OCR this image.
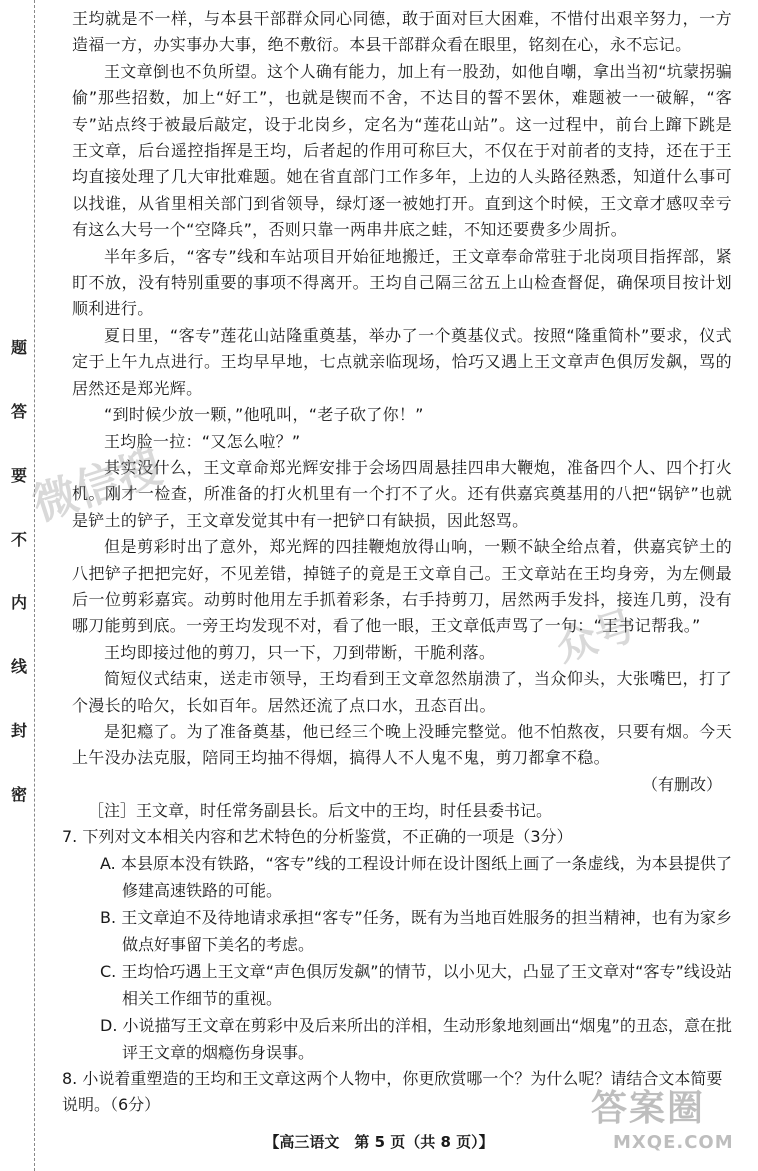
题
答
要
不
内
线
封
密

王均就是不一样，与本县干部群众同心同德，敢于面对巨大困难，不惜付出艰辛努力，一方造福一方，办实事办大事，绝不敷衍。本县干部群众看在眼里，铭刻在心，永不忘记。

王文章倒也不负所望。这个人确有能力，加上有一股劲，如他自嘲，拿出当初“坑蒙拐骗偷”那些招数，加上“好工”，也就是锲而不舍，不达目的誓不罢休，难题被一一破解，“客专”站点终于被最后敲定，设于北岗乡，定名为“莲花山站”。这一过程中，前台上蹿下跳是王文章，后台遥控指挥是王均，后者起的作用可称巨大，不仅在于对前者的支持，还在于王均直接处理了几大审批难题。她在省直部门工作多年，上边的人头路径熟悉，知道什么事可以找谁，从省里相关部门到省领导，绿灯逐一被她打开。直到这个时候，王文章才感叹幸亏有这么大号一个“空降兵”，否则只靠一两串井底之蛙，不知还要费多少周折。

半年多后，“客专”线和车站项目开始征地搬迁，王文章奉命常驻于北岗项目指挥部，紧盯不放，没有特别重要的事项不得离开。王均自己隔三岔五上山检查督促，确保项目按计划顺利进行。

夏日里，“客专”莲花山站隆重奠基，举办了一个奠基仪式。按照“隆重简朴”要求，仪式定于上午九点进行。王均早早地，七点就亲临现场，恰巧又遇上王文章声色俱厉发飙，骂的居然还是郑光辉。

“到时候少放一颗，”他吼叫，“老子砍了你！”

王均脸一拉：“又怎么啦？”

其实没什么，王文章命郑光辉安排于会场四周悬挂四串大鞭炮，准备四个人、四个打火机。刚才一检查，所准备的打火机里有一个打不了火。还有供嘉宾奠基用的八把“锅铲”也就是铲土的铲子，王文章发觉其中有一把铲口有缺损，因此怒骂。

但是剪彩时出了意外，郑光辉的四挂鞭炮放得山响，一颗不缺全给点着，供嘉宾铲土的八把铲子把把完好，不见差错，掉链子的竟是王文章自己。王文章站在王均身旁，为左侧最后一位剪彩嘉宾。动剪时他用左手抓着彩条，右手持剪刀，居然两手发抖，接连几剪，没有哪刀能剪到底。一旁王均发现不对，看了他一眼，王文章低声骂了一句：“王书记帮我。”

王均即接过他的剪刀，只一下，刀到带断，干脆利落。

简短仪式结束，送走市领导，王均看到王文章忽然崩溃了，当众仰头，大张嘴巴，打了个漫长的哈欠，长如百年。居然还流了点口水，丑态百出。

是犯瘾了。为了准备奠基，他已经三个晚上没睡完整觉。他不怕熬夜，只要有烟。今天上午没办法克服，陪同王均抽不得烟，搞得人不人鬼不鬼，剪刀都拿不稳。

（有删改）

［注］王文章，时任常务副县长。后文中的王均，时任县委书记。

7. 下列对文本相关内容和艺术特色的分析鉴赏，不正确的一项是（3分）

A. 本县原本没有铁路，“客专”线的工程设计师在设计图纸上画了一条虚线，为本县提供了修建高速铁路的可能。

B. 王文章迫不及待地请求承担“客专”任务，既有为当地百姓服务的担当精神，也有为家乡做点好事留下美名的考虑。

C. 王均恰巧遇上王文章“声色俱厉发飙”的情节，以小见大，凸显了王文章对“客专”线设站相关工作细节的重视。

D. 小说描写王文章在剪彩中及后来所出的洋相，生动形象地刻画出“烟鬼”的丑态，意在批评王文章的烟瘾伤身误事。

8. 小说着重塑造的王均和王文章这两个人物中，你更欣赏哪一个？为什么呢？请结合文本简要说明。（6分）

微信搜
众号
答案圈
MXQE.COM
【高三语文　第 5 页（共 8 页）】
